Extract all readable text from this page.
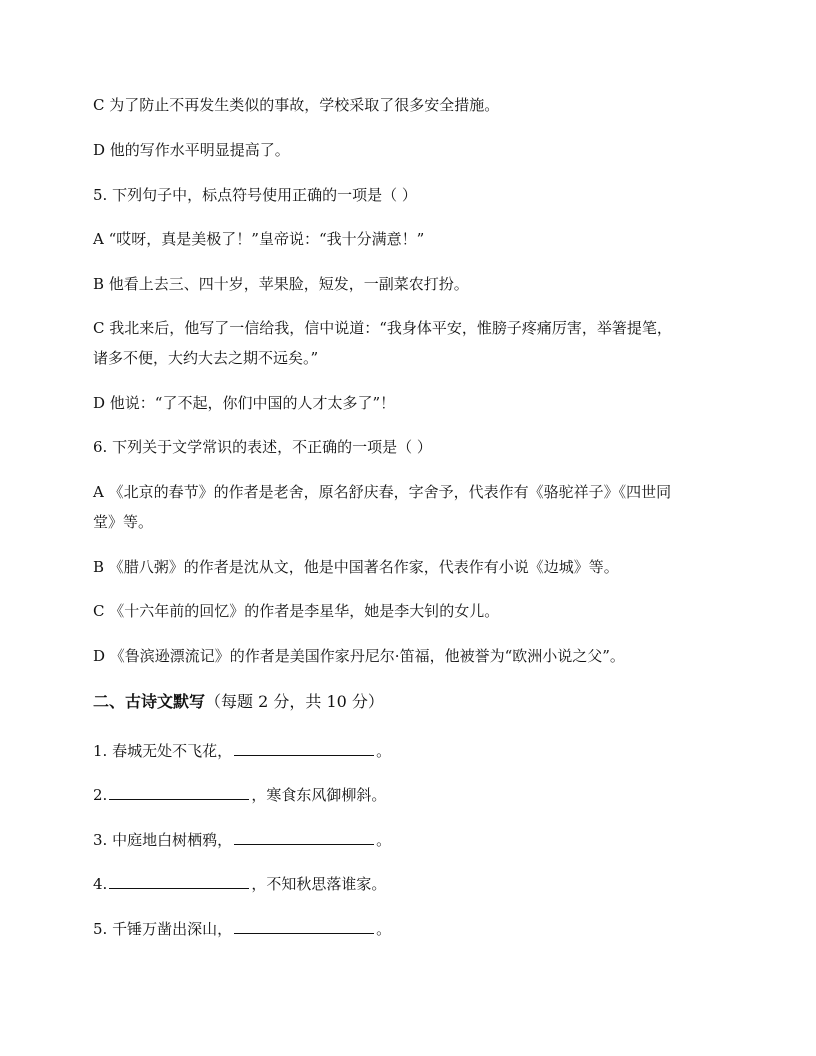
C 为了防止不再发生类似的事故，学校采取了很多安全措施。
D 他的写作水平明显提高了。
5. 下列句子中，标点符号使用正确的一项是（ ）
A “哎呀，真是美极了！”皇帝说：“我十分满意！”
B 他看上去三、四十岁，苹果脸，短发，一副菜农打扮。
C 我北来后，他写了一信给我，信中说道：“我身体平安，惟膀子疼痛厉害，举箸提笔，
诸多不便，大约大去之期不远矣。”
D 他说：“了不起，你们中国的人才太多了”！
6. 下列关于文学常识的表述，不正确的一项是（ ）
A 《北京的春节》的作者是老舍，原名舒庆春，字舍予，代表作有《骆驼祥子》《四世同
堂》等。
B 《腊八粥》的作者是沈从文，他是中国著名作家，代表作有小说《边城》等。
C 《十六年前的回忆》的作者是李星华，她是李大钊的女儿。
D 《鲁滨逊漂流记》的作者是美国作家丹尼尔·笛福，他被誉为“欧洲小说之父”。
二、古诗文默写（每题 2 分，共 10 分）
1. 春城无处不飞花，	。
2.	，寒食东风御柳斜。
3. 中庭地白树栖鸦，	。
4.	，不知秋思落谁家。
5. 千锤万凿出深山，	。
